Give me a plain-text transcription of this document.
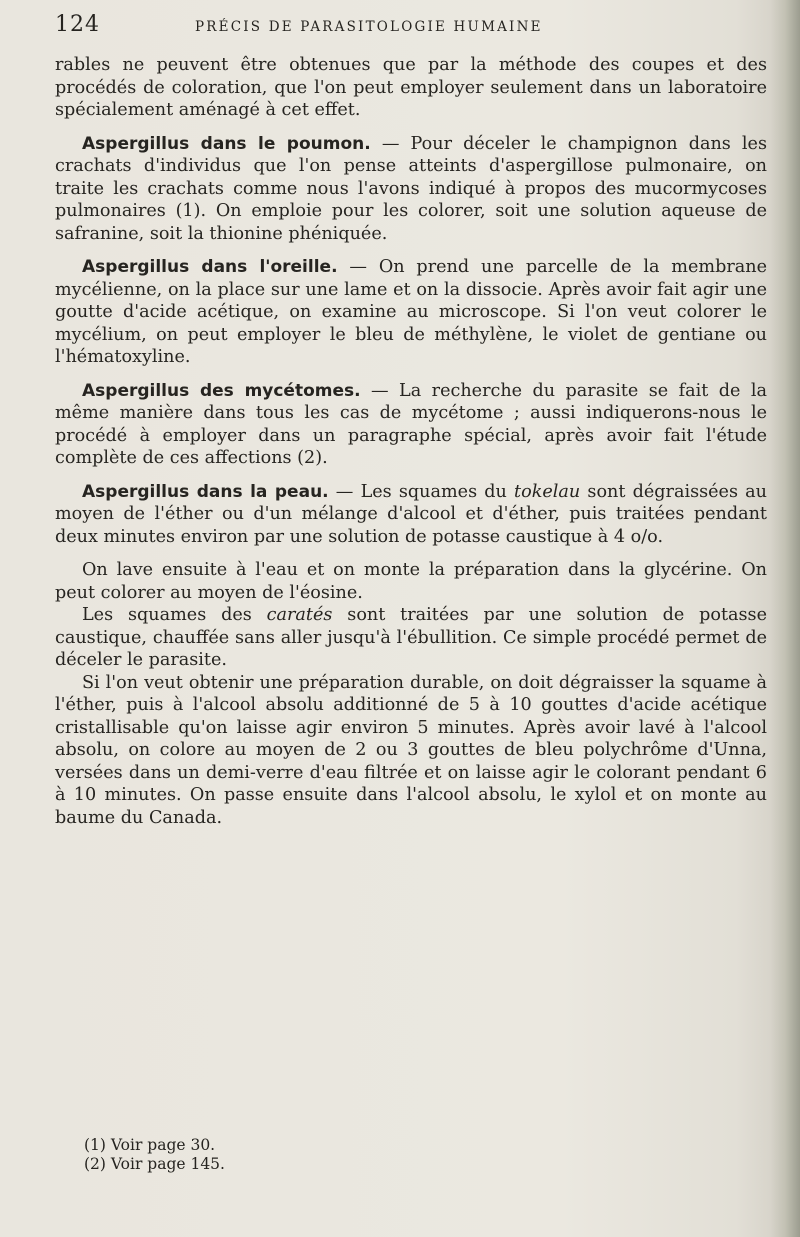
124	PRÉCIS DE PARASITOLOGIE HUMAINE

rables ne peuvent être obtenues que par la méthode des coupes et des procédés de coloration, que l'on peut employer seulement dans un laboratoire spécialement aménagé à cet effet.

Aspergillus dans le poumon. — Pour déceler le champignon dans les crachats d'individus que l'on pense atteints d'aspergillose pulmonaire, on traite les crachats comme nous l'avons indiqué à propos des mucormycoses pulmonaires (1). On emploie pour les colorer, soit une solution aqueuse de safranine, soit la thionine phéniquée.

Aspergillus dans l'oreille. — On prend une parcelle de la membrane mycélienne, on la place sur une lame et on la dissocie. Après avoir fait agir une goutte d'acide acétique, on examine au microscope. Si l'on veut colorer le mycélium, on peut employer le bleu de méthylène, le violet de gentiane ou l'hématoxyline.

Aspergillus des mycétomes. — La recherche du parasite se fait de la même manière dans tous les cas de mycétome ; aussi indiquerons-nous le procédé à employer dans un paragraphe spécial, après avoir fait l'étude complète de ces affections (2).

Aspergillus dans la peau. — Les squames du tokelau sont dégraissées au moyen de l'éther ou d'un mélange d'alcool et d'éther, puis traitées pendant deux minutes environ par une solution de potasse caustique à 4 o/o.

On lave ensuite à l'eau et on monte la préparation dans la glycérine. On peut colorer au moyen de l'éosine.

Les squames des caratés sont traitées par une solution de potasse caustique, chauffée sans aller jusqu'à l'ébullition. Ce simple procédé permet de déceler le parasite.

Si l'on veut obtenir une préparation durable, on doit dégraisser la squame à l'éther, puis à l'alcool absolu additionné de 5 à 10 gouttes d'acide acétique cristallisable qu'on laisse agir environ 5 minutes. Après avoir lavé à l'alcool absolu, on colore au moyen de 2 ou 3 gouttes de bleu polychrôme d'Unna, versées dans un demi-verre d'eau filtrée et on laisse agir le colorant pendant 6 à 10 minutes. On passe ensuite dans l'alcool absolu, le xylol et on monte au baume du Canada.

(1) Voir page 30.
(2) Voir page 145.
